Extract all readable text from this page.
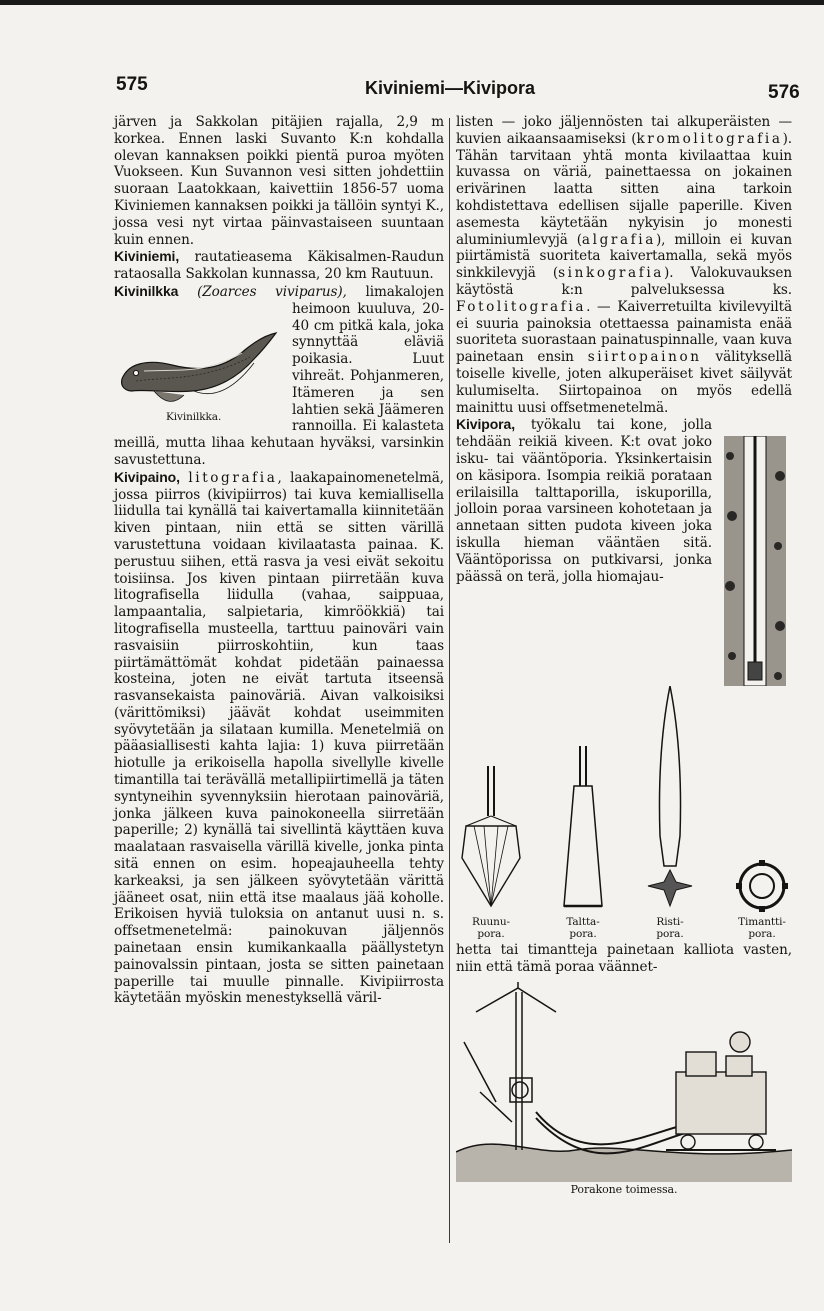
575	Kiviniemi—Kivipora	576

järven ja Sakkolan pitäjien rajalla, 2,9 m korkea. Ennen laski Suvanto K:n kohdalla olevan kannaksen poikki pientä puroa myöten Vuokseen. Kun Suvannon vesi sitten johdettiin suoraan Laatokkaan, kaivettiin 1856-57 uoma Kiviniemen kannaksen poikki ja tällöin syntyi K., jossa vesi nyt virtaa päinvastaiseen suuntaan kuin ennen.

Kiviniemi, rautatieasema Käkisalmen-Raudun rataosalla Sakkolan kunnassa, 20 km Rautuun.

Kivinilkka (Zoarces viviparus),
Kivinilkka.
limakalojen heimoon kuuluva, 20-40 cm pitkä kala, joka synnyttää eläviä poikasia. Luut vihreät. Pohjanmeren, Itämeren ja sen lahtien sekä Jäämeren rannoilla. Ei kalasteta meillä, mutta lihaa kehutaan hyväksi, varsinkin savustettuna.

Kivipaino, litografia, laakapainomenetelmä, jossa piirros (kivipiirros) tai kuva kemiallisella liidulla tai kynällä tai kaivertamalla kiinnitetään kiven pintaan, niin että se sitten värillä varustettuna voidaan kivilaatasta painaa. K. perustuu siihen, että rasva ja vesi eivät sekoitu toisiinsa. Jos kiven pintaan piirretään kuva litografisella liidulla (vahaa, saippuaa, lampaantalia, salpietaria, kimröökkiä) tai litografisella musteella, tarttuu painoväri vain rasvaisiin piirroskohtiin, kun taas piirtämättömät kohdat pidetään painaessa kosteina, joten ne eivät tartuta itseensä rasvansekaista painoväriä. Aivan valkoisiksi (värittömiksi) jäävät kohdat useimmiten syövytetään ja silataan kumilla. Menetelmiä on pääasiallisesti kahta lajia: 1) kuva piirretään hiotulle ja erikoisella hapolla sivellylle kivelle timantilla tai terävällä metallipiirtimellä ja täten syntyneihin syvennyksiin hierotaan painoväriä, jonka jälkeen kuva painokoneella siirretään paperille; 2) kynällä tai sivellintä käyttäen kuva maalataan rasvaisella värillä kivelle, jonka pinta sitä ennen on esim. hopeajauheella tehty karkeaksi, ja sen jälkeen syövytetään värittä jääneet osat, niin että itse maalaus jää koholle. Erikoisen hyviä tuloksia on antanut uusi n. s. offsetmenetelmä: painokuvan jäljennös painetaan ensin kumikankaalla päällystetyn painovalssin pintaan, josta se sitten painetaan paperille tai muulle pinnalle. Kivipiirrosta käytetään myöskin menestyksellä väril-

listen — joko jäljennösten tai alkuperäisten — kuvien aikaansaamiseksi (kromolitografia). Tähän tarvitaan yhtä monta kivilaattaa kuin kuvassa on väriä, painettaessa on jokainen erivärinen laatta sitten aina tarkoin kohdistettava edellisen sijalle paperille. Kiven asemesta käytetään nykyisin jo monesti aluminiumlevyjä (algrafia), milloin ei kuvan piirtämistä suoriteta kaivertamalla, sekä myös sinkkilevyjä (sinkografia). Valokuvauksen käytöstä k:n palveluksessa ks. Fotolitografia. — Kaiverretuilta kivilevyiltä ei suuria painoksia otettaessa painamista enää suoriteta suorastaan painatuspinnalle, vaan kuva painetaan ensin siirtopainon välityksellä toiselle kivelle, joten alkuperäiset kivet säilyvät kulumiselta. Siirtopainoa on myös edellä mainittu uusi offsetmenetelmä.

Kivipora,
työkalu tai kone, jolla tehdään reikiä kiveen. K:t ovat joko isku- tai vääntöporia. Yksinkertaisin on käsipora. Isompia reikiä porataan erilaisilla talttaporilla, iskuporilla, jolloin poraa varsineen kohotetaan ja annetaan sitten pudota kiveen joka iskulla hieman vääntäen sitä. Vääntöporissa on putkivarsi, jonka päässä on terä, jolla hiomajau-

Ruunu-
pora.
Taltta-
pora.
Risti-
pora.
Timantti-
pora.

hetta tai timantteja painetaan kalliota vasten, niin että tämä poraa väännet-

Porakone toimessa.
